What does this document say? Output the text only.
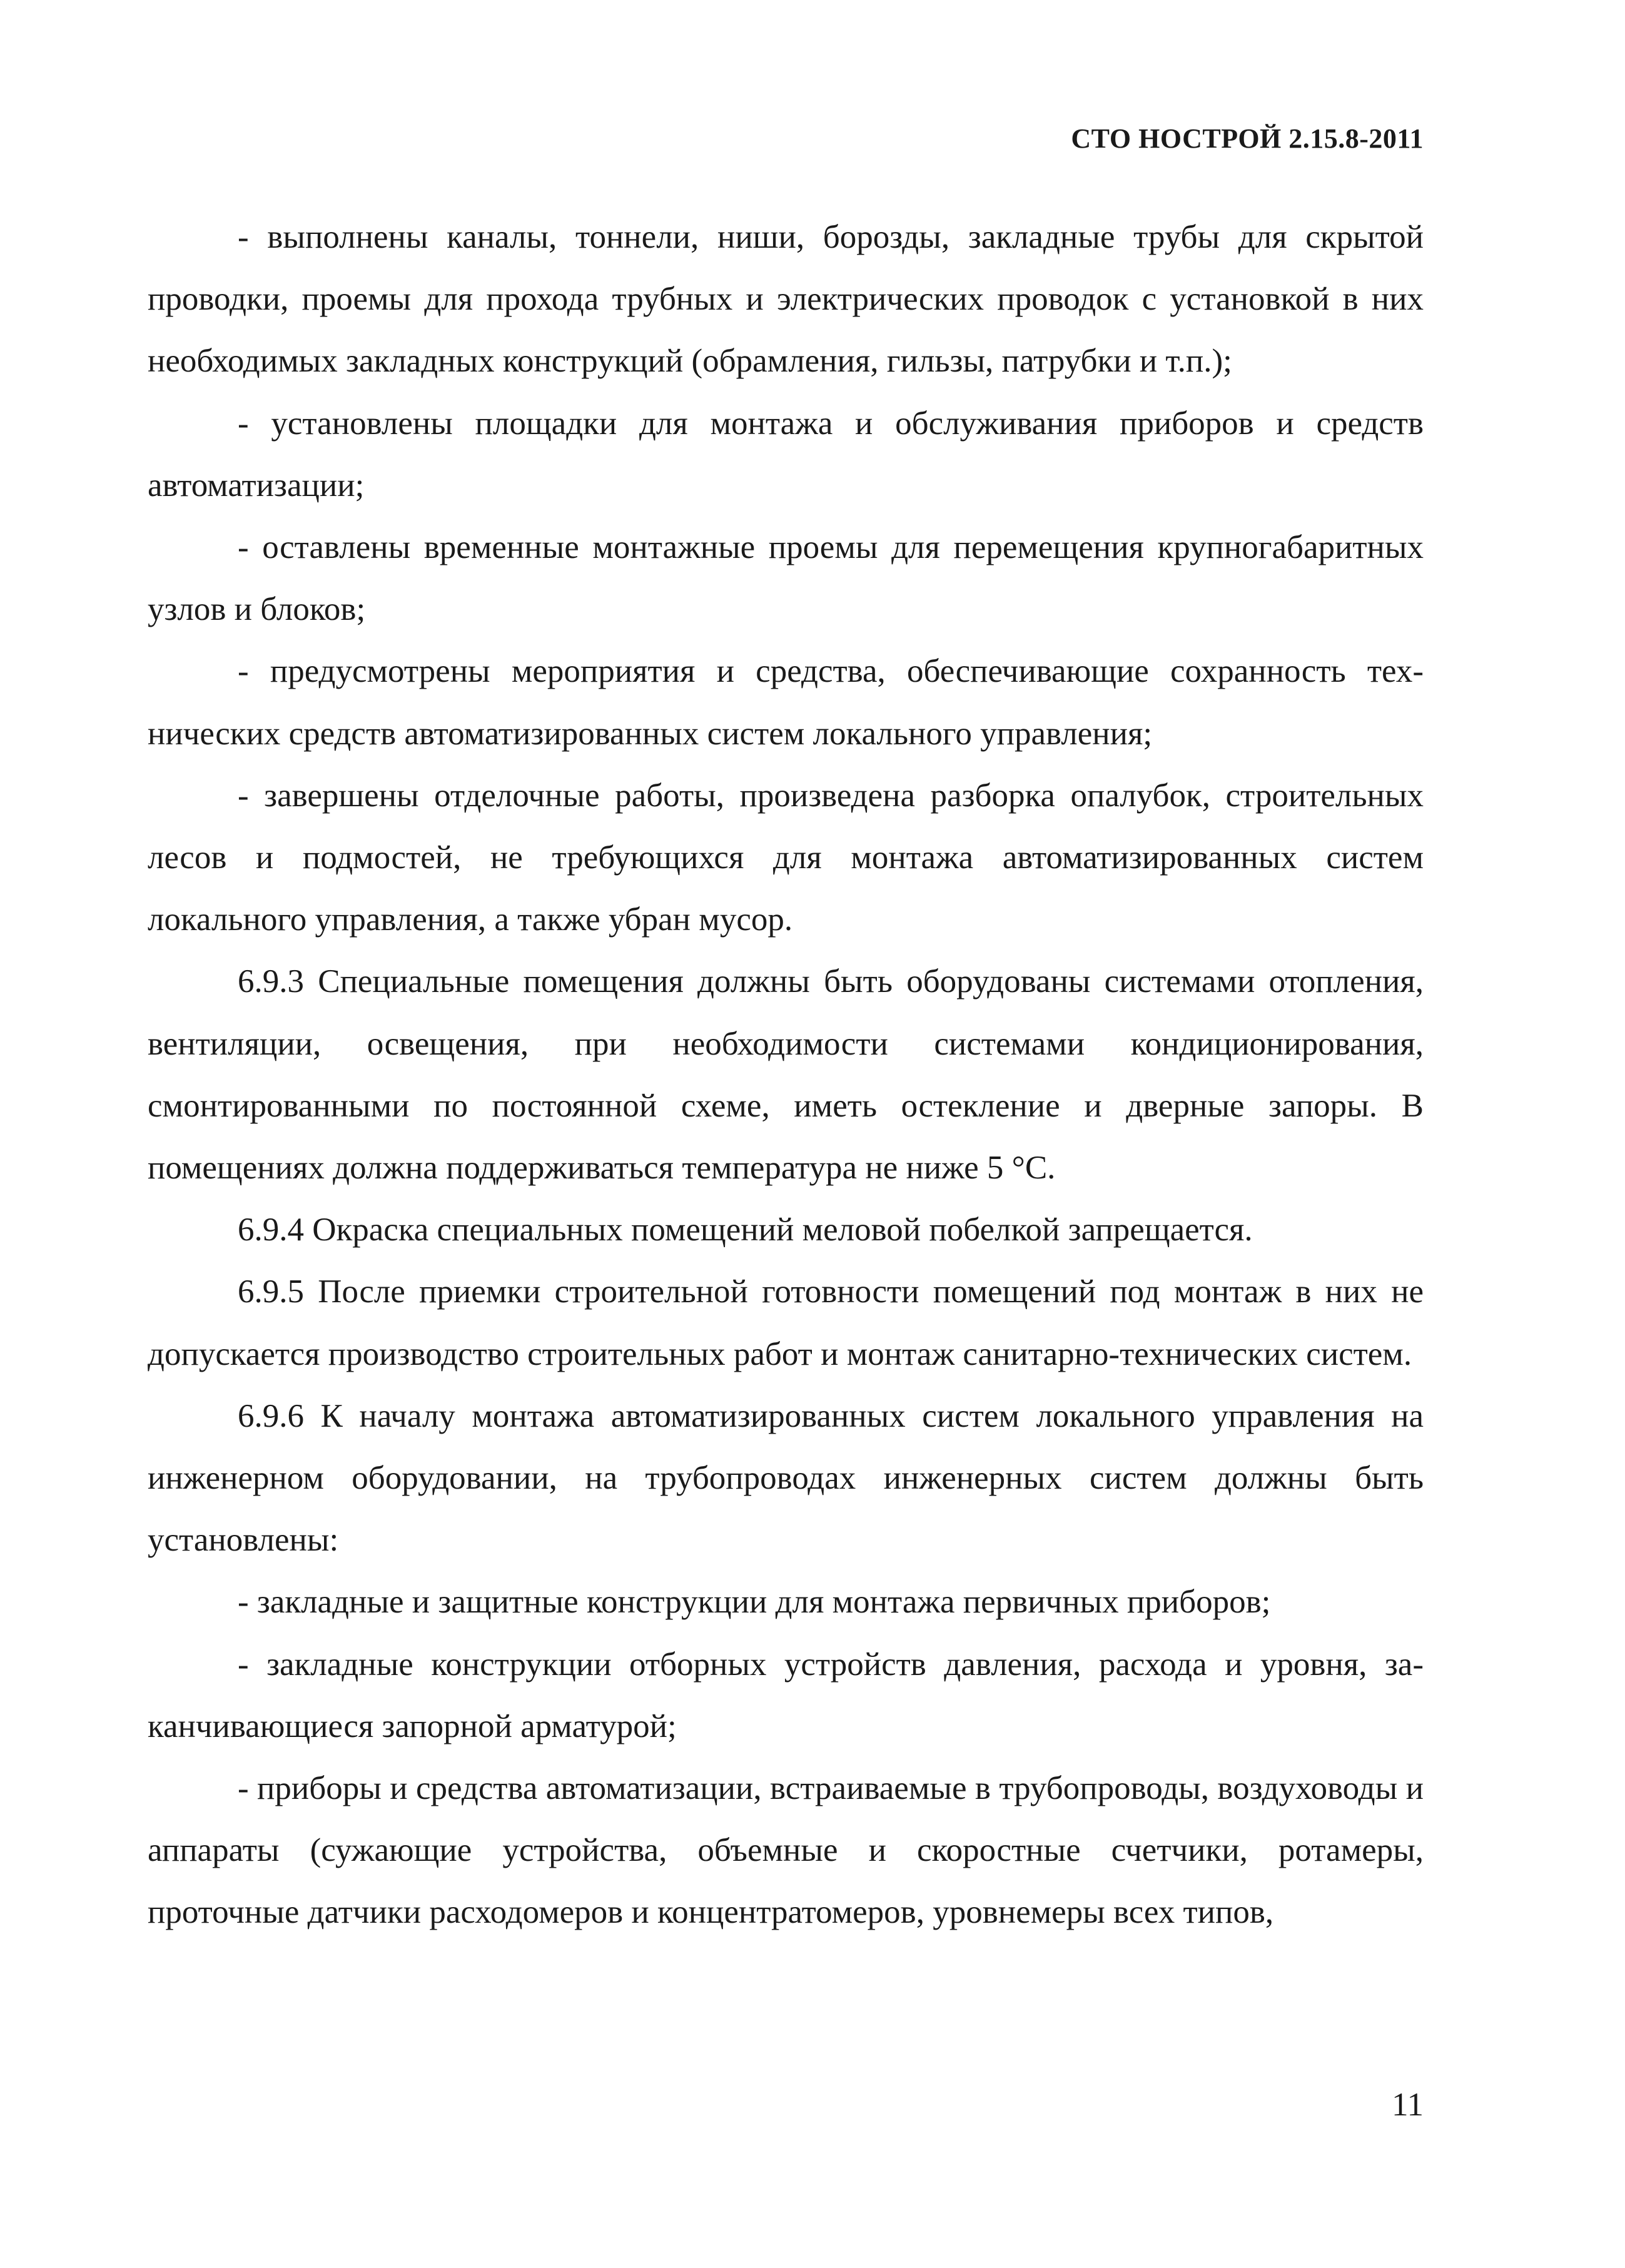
СТО НОСТРОЙ 2.15.8-2011

- выполнены каналы, тоннели, ниши, борозды, закладные трубы для скрытой проводки, проемы для прохода трубных и электрических проводок с установкой в них необходимых закладных конструкций (обрамления, гильзы, патрубки и т.п.);

- установлены площадки для монтажа и обслуживания приборов и средств автоматизации;

- оставлены временные монтажные проемы для перемещения крупногабаритных узлов и блоков;

- предусмотрены мероприятия и средства, обеспечивающие сохранность технических средств автоматизированных систем локального управления;

- завершены отделочные работы, произведена разборка опалубок, строительных лесов и подмостей, не требующихся для монтажа автоматизированных систем локального управления, а также убран мусор.

6.9.3 Специальные помещения должны быть оборудованы системами отопления, вентиляции, освещения, при необходимости системами кондиционирования, смонтированными по постоянной схеме, иметь остекление и дверные запоры. В помещениях должна поддерживаться температура не ниже 5 °С.

6.9.4 Окраска специальных помещений меловой побелкой запрещается.

6.9.5 После приемки строительной готовности помещений под монтаж в них не допускается производство строительных работ и монтаж санитарно-технических систем.

6.9.6 К началу монтажа автоматизированных систем локального управления на инженерном оборудовании, на трубопроводах инженерных систем должны быть установлены:

- закладные и защитные конструкции для монтажа первичных приборов;

- закладные конструкции отборных устройств давления, расхода и уровня, заканчивающиеся запорной арматурой;

- приборы и средства автоматизации, встраиваемые в трубопроводы, воздуховоды и аппараты (сужающие устройства, объемные и скоростные счетчики, ротамеры, проточные датчики расходомеров и концентратомеров, уровнемеры всех типов,

11
